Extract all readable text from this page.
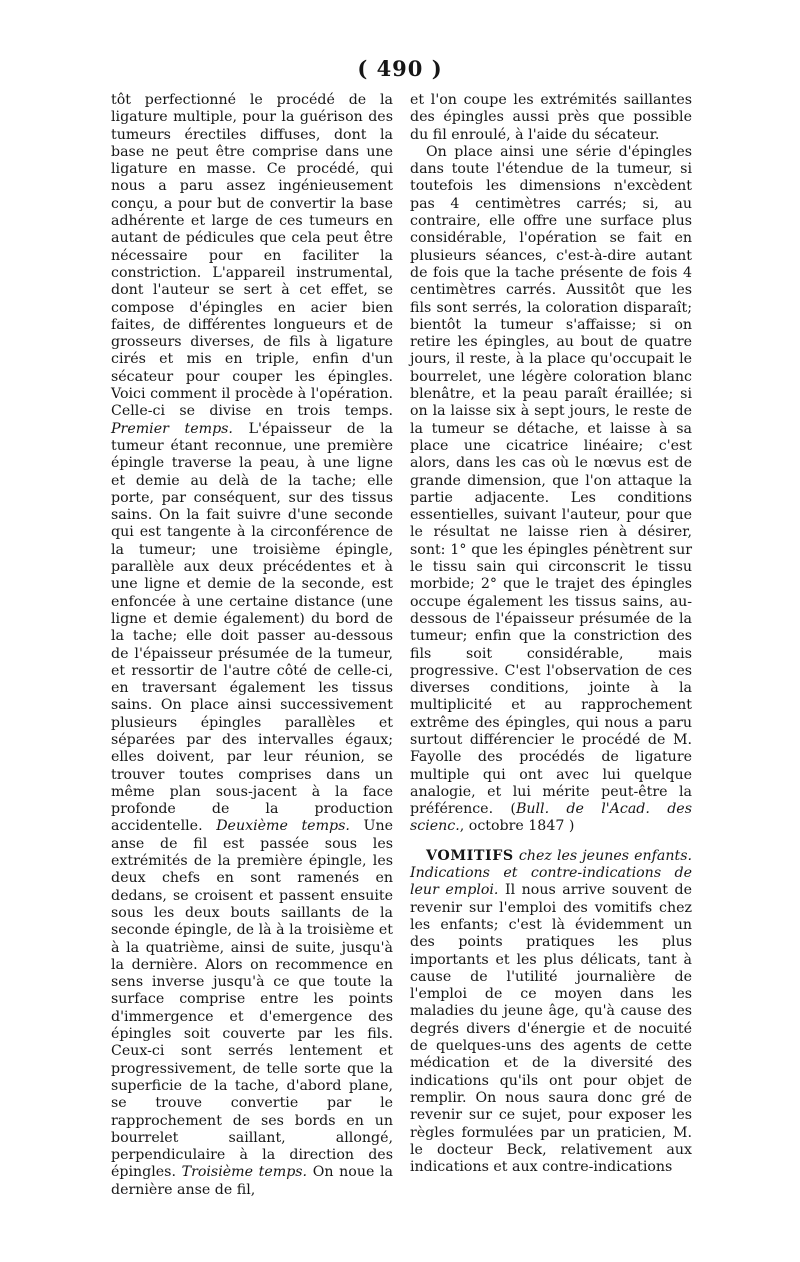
( 490 )

tôt perfectionné le procédé de la ligature multiple, pour la guérison des tumeurs érectiles diffuses, dont la base ne peut être comprise dans une ligature en masse. Ce procédé, qui nous a paru assez ingénieusement conçu, a pour but de convertir la base adhérente et large de ces tumeurs en autant de pédicules que cela peut être nécessaire pour en faciliter la constriction. L'appareil instrumental, dont l'auteur se sert à cet effet, se compose d'épingles en acier bien faites, de différentes longueurs et de grosseurs diverses, de fils à ligature cirés et mis en triple, enfin d'un sécateur pour couper les épingles. Voici comment il procède à l'opération. Celle-ci se divise en trois temps. Premier temps. L'épaisseur de la tumeur étant reconnue, une première épingle traverse la peau, à une ligne et demie au delà de la tache; elle porte, par conséquent, sur des tissus sains. On la fait suivre d'une seconde qui est tangente à la circonférence de la tumeur; une troisième épingle, parallèle aux deux précédentes et à une ligne et demie de la seconde, est enfoncée à une certaine distance (une ligne et demie également) du bord de la tache; elle doit passer au-dessous de l'épaisseur présumée de la tumeur, et ressortir de l'autre côté de celle-ci, en traversant également les tissus sains. On place ainsi successivement plusieurs épingles parallèles et séparées par des intervalles égaux; elles doivent, par leur réunion, se trouver toutes comprises dans un même plan sous-jacent à la face profonde de la production accidentelle. Deuxième temps. Une anse de fil est passée sous les extrémités de la première épingle, les deux chefs en sont ramenés en dedans, se croisent et passent ensuite sous les deux bouts saillants de la seconde épingle, de là à la troisième et à la quatrième, ainsi de suite, jusqu'à la dernière. Alors on recommence en sens inverse jusqu'à ce que toute la surface comprise entre les points d'immergence et d'emergence des épingles soit couverte par les fils. Ceux-ci sont serrés lentement et progressivement, de telle sorte que la superficie de la tache, d'abord plane, se trouve convertie par le rapprochement de ses bords en un bourrelet saillant, allongé, perpendiculaire à la direction des épingles. Troisième temps. On noue la dernière anse de fil,

et l'on coupe les extrémités saillantes des épingles aussi près que possible du fil enroulé, à l'aide du sécateur.

On place ainsi une série d'épingles dans toute l'étendue de la tumeur, si toutefois les dimensions n'excèdent pas 4 centimètres carrés; si, au contraire, elle offre une surface plus considérable, l'opération se fait en plusieurs séances, c'est-à-dire autant de fois que la tache présente de fois 4 centimètres carrés. Aussitôt que les fils sont serrés, la coloration disparaît; bientôt la tumeur s'affaisse; si on retire les épingles, au bout de quatre jours, il reste, à la place qu'occupait le bourrelet, une légère coloration blanc blenâtre, et la peau paraît éraillée; si on la laisse six à sept jours, le reste de la tumeur se détache, et laisse à sa place une cicatrice linéaire; c'est alors, dans les cas où le nœvus est de grande dimension, que l'on attaque la partie adjacente. Les conditions essentielles, suivant l'auteur, pour que le résultat ne laisse rien à désirer, sont: 1° que les épingles pénètrent sur le tissu sain qui circonscrit le tissu morbide; 2° que le trajet des épingles occupe également les tissus sains, au-dessous de l'épaisseur présumée de la tumeur; enfin que la constriction des fils soit considérable, mais progressive. C'est l'observation de ces diverses conditions, jointe à la multiplicité et au rapprochement extrême des épingles, qui nous a paru surtout différencier le procédé de M. Fayolle des procédés de ligature multiple qui ont avec lui quelque analogie, et lui mérite peut-être la préférence. (Bull. de l'Acad. des scienc., octobre 1847 )

VOMITIFS chez les jeunes enfants. Indications et contre-indications de leur emploi. Il nous arrive souvent de revenir sur l'emploi des vomitifs chez les enfants; c'est là évidemment un des points pratiques les plus importants et les plus délicats, tant à cause de l'utilité journalière de l'emploi de ce moyen dans les maladies du jeune âge, qu'à cause des degrés divers d'énergie et de nocuité de quelques-uns des agents de cette médication et de la diversité des indications qu'ils ont pour objet de remplir. On nous saura donc gré de revenir sur ce sujet, pour exposer les règles formulées par un praticien, M. le docteur Beck, relativement aux indications et aux contre-indications
